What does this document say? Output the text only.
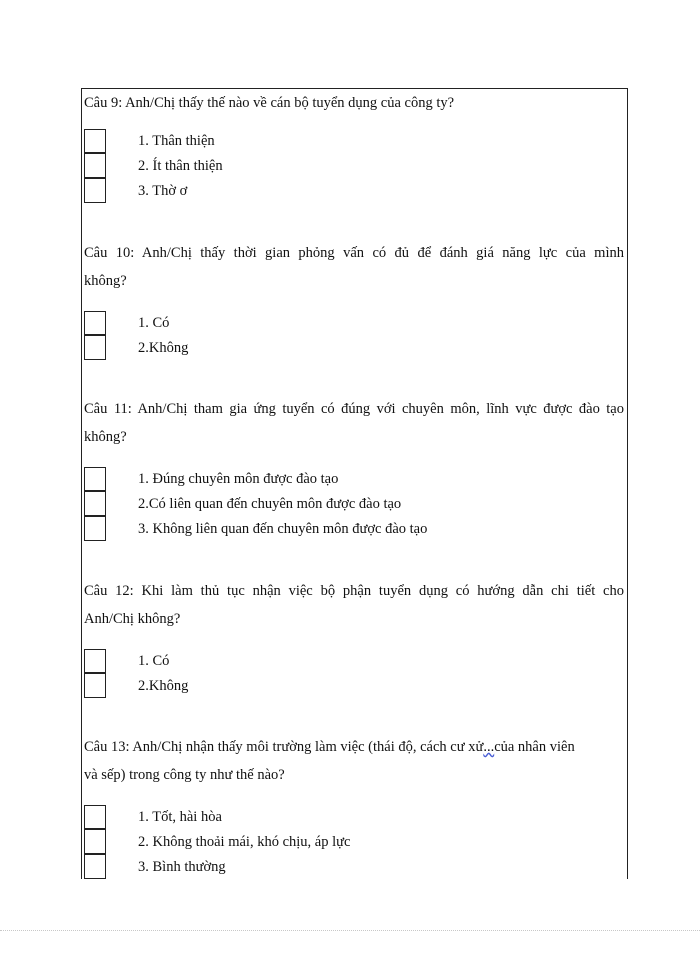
Câu 9: Anh/Chị thấy thế nào về cán bộ tuyển dụng của công ty?
1. Thân thiện
2. Ít thân thiện
3. Thờ ơ
Câu 10: Anh/Chị thấy thời gian phỏng vấn có đủ để đánh giá năng lực của mình
không?
1. Có
2.Không
Câu 11: Anh/Chị tham gia ứng tuyển có đúng với chuyên môn, lĩnh vực được đào tạo
không?
1. Đúng chuyên môn được đào tạo
2.Có liên quan đến chuyên môn được đào tạo
3. Không liên quan đến chuyên môn được đào tạo
Câu 12: Khi làm thủ tục nhận việc bộ phận tuyển dụng có hướng dẫn chi tiết cho
Anh/Chị không?
1. Có
2.Không
Câu 13: Anh/Chị nhận thấy môi trường làm việc (thái độ, cách cư xử...của nhân viên
và sếp) trong công ty như thế nào?
1. Tốt, hài hòa
2. Không thoải mái, khó chịu, áp lực
3. Bình thường
